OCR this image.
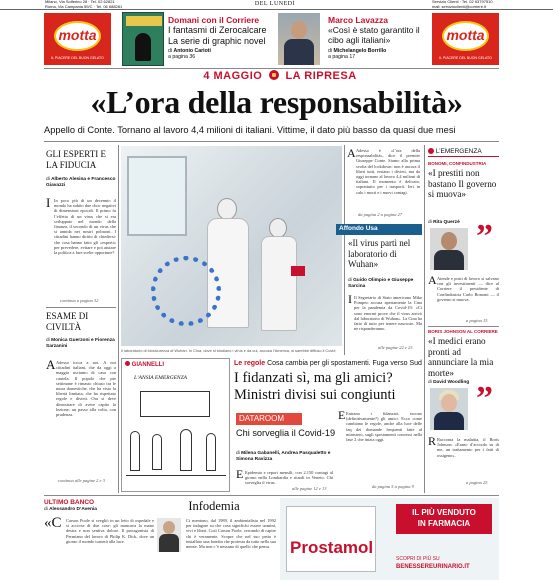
Milano, Via Solferino 28 · Tel. 02 62821
Roma, Via Campania 59/C · Tel. 06 688281	DEL LUNEDÌ	Servizio Clienti · Tel. 02 63797510
mail: servizioclienti@corriere.it
motta
IL PIACERE DEL BUON GELATO
Domani con il Corriere
I fantasmi di Zerocalcare
La serie di graphic novel
di Antonio Carioti
a pagina 36
Marco Lavazza
«Così è stato garantito il cibo agli italiani»
di Michelangelo Borrillo
a pagina 17
motta
IL PIACERE DEL BUON GELATO
4 MAGGIO LA RIPRESA
«L’ora della responsabilità»
Appello di Conte. Tornano al lavoro 4,4 milioni di italiani. Vittime, il dato più basso da quasi due mesi
GLI ESPERTI E LA FIDUCIA
di Alberto Alesina e Francesco Giavazzi
I In poco più di un decennio il mondo ha subito due choc negativi di dimensioni epocali. Il primo fu l’effetto di un virus che si era sviluppato nel mondo della finanza, il secondo di un virus che si annida nei nostri polmoni. I cittadini hanno diritto di chiedersi: che cosa hanno fatto gli «esperti» per prevedere, evitare e poi aiutare la politica a fare scelte opportune?
continua a pagina 32
ESAME DI CIVILTÀ
di Monica Guerzoni e Fiorenza Sarzanini
A Adesso tocca a noi. A noi cittadini italiani, che da oggi a maggio usciamo di casa con cautela. Il popolo che per settimane è rimasto chiuso tra le mura domestiche, che ha visto la libertà limitata, che ha rispettato regole e divieti. Ora si deve dimostrare di avere capito la lezione: un passo alla volta, con prudenza.
continua alle pagine 2 e 3
Il laboratorio di biosicurezza di Wuhan. In Cina, dove si studiano i virus e da cui, accusa l’America, si sarebbe diffuso il Covid
A Adesso è «l’ora della responsabilità», dice il premier Giuseppe Conte. Siamo alla prima svolta del lockdown: non è ancora il liberi tutti, restano i divieti, ma da oggi tornano al lavoro 4,4 milioni di italiani. Il momento è delicato, soprattutto per i trasporti. Ieri in calo i morti e i nuovi contagi.
da pagina 2 a pagina 27
Affondo Usa
«Il virus partì nel laboratorio di Wuhan»
di Guido Olimpio e Giuseppe Sarcina
I Il Segretario di Stato americano Mike Pompeo accusa apertamente la Cina per la pandemia da Covid-19: «Ci sono enormi prove che il virus arrivò dal laboratorio di Wuhan». La Cina ha fatto di tutto per tenere nascosto. Ma ne risponderanno.
alle pagine 22 e 23
L’EMERGENZA
BONOMI, CONFINDUSTRIA
«I prestiti non bastano Il governo si muova»
di Rita Querzè ”
A Aiende e posti di lavoro si salvano con gli investimenti — dice al Corriere il presidente di Confindustria Carlo Bonomi — il governo si muova.
a pagina 15
BORIS JOHNSON AL CORRIERE
«I medici erano pronti ad annunciare la mia morte»
di David Woodling ”
R Racconta la malattia, il Boris Johnson: «Erano d’accordo su di me, un trattamento per i fatti di ossigeno».
a pagina 25
GIANNELLI
L’ANSIA EMERGENZA
Le regole Cosa cambia per gli spostamenti. Fuga verso Sud
I fidanzati sì, ma gli amici? Ministri divisi sui congiunti
E Entrano i fidanzati, escono (definitivamente?) gli amici. Ecco come cambiano le regole, anche alla luce delle faq dei domande frequenti fatte al ministero, sugli spostamenti concessi nella fase 2 che inizia oggi.
da pagina 5 a pagina 9
DATAROOM
Chi sorveglia il Covid-19
di Milena Gabanelli, Andrea Pasqualetto e Simona Ravizza
E Epidemia e report mensili, con 2.150 contagi al giorno nella Lombardia e ritardi in Veneto. Chi sorveglia il virus.
alle pagine 12 e 13
ULTIMO BANCO
di Alessandro D’Avenia
«C Carson Poole si svegliò in un letto di ospedale e si accorse di due cose: gli mancava la mano destra e non sentiva dolore. Il protagonista di Permiano del lavoro di Philip K. Dick, dove un giorno il mondo tornerà alla luce.
Infodemia
Ci mentono, dal 1989, il ambientalista nel 1992 per indagare su che cosa significhi essere uomini, vivi e liberi. Così Carson Poole, cercando di capire chi è veramente. Scopre che nel suo petto è installato una bomba che protesta da tutto nella sua mente. Ma non c’è nessuno di quello che pensa.	Prostamol
IL PIÙ VENDUTO
IN FARMACIA
SCOPRI DI PIÙ SU
BENESSEREURINARIO.IT
